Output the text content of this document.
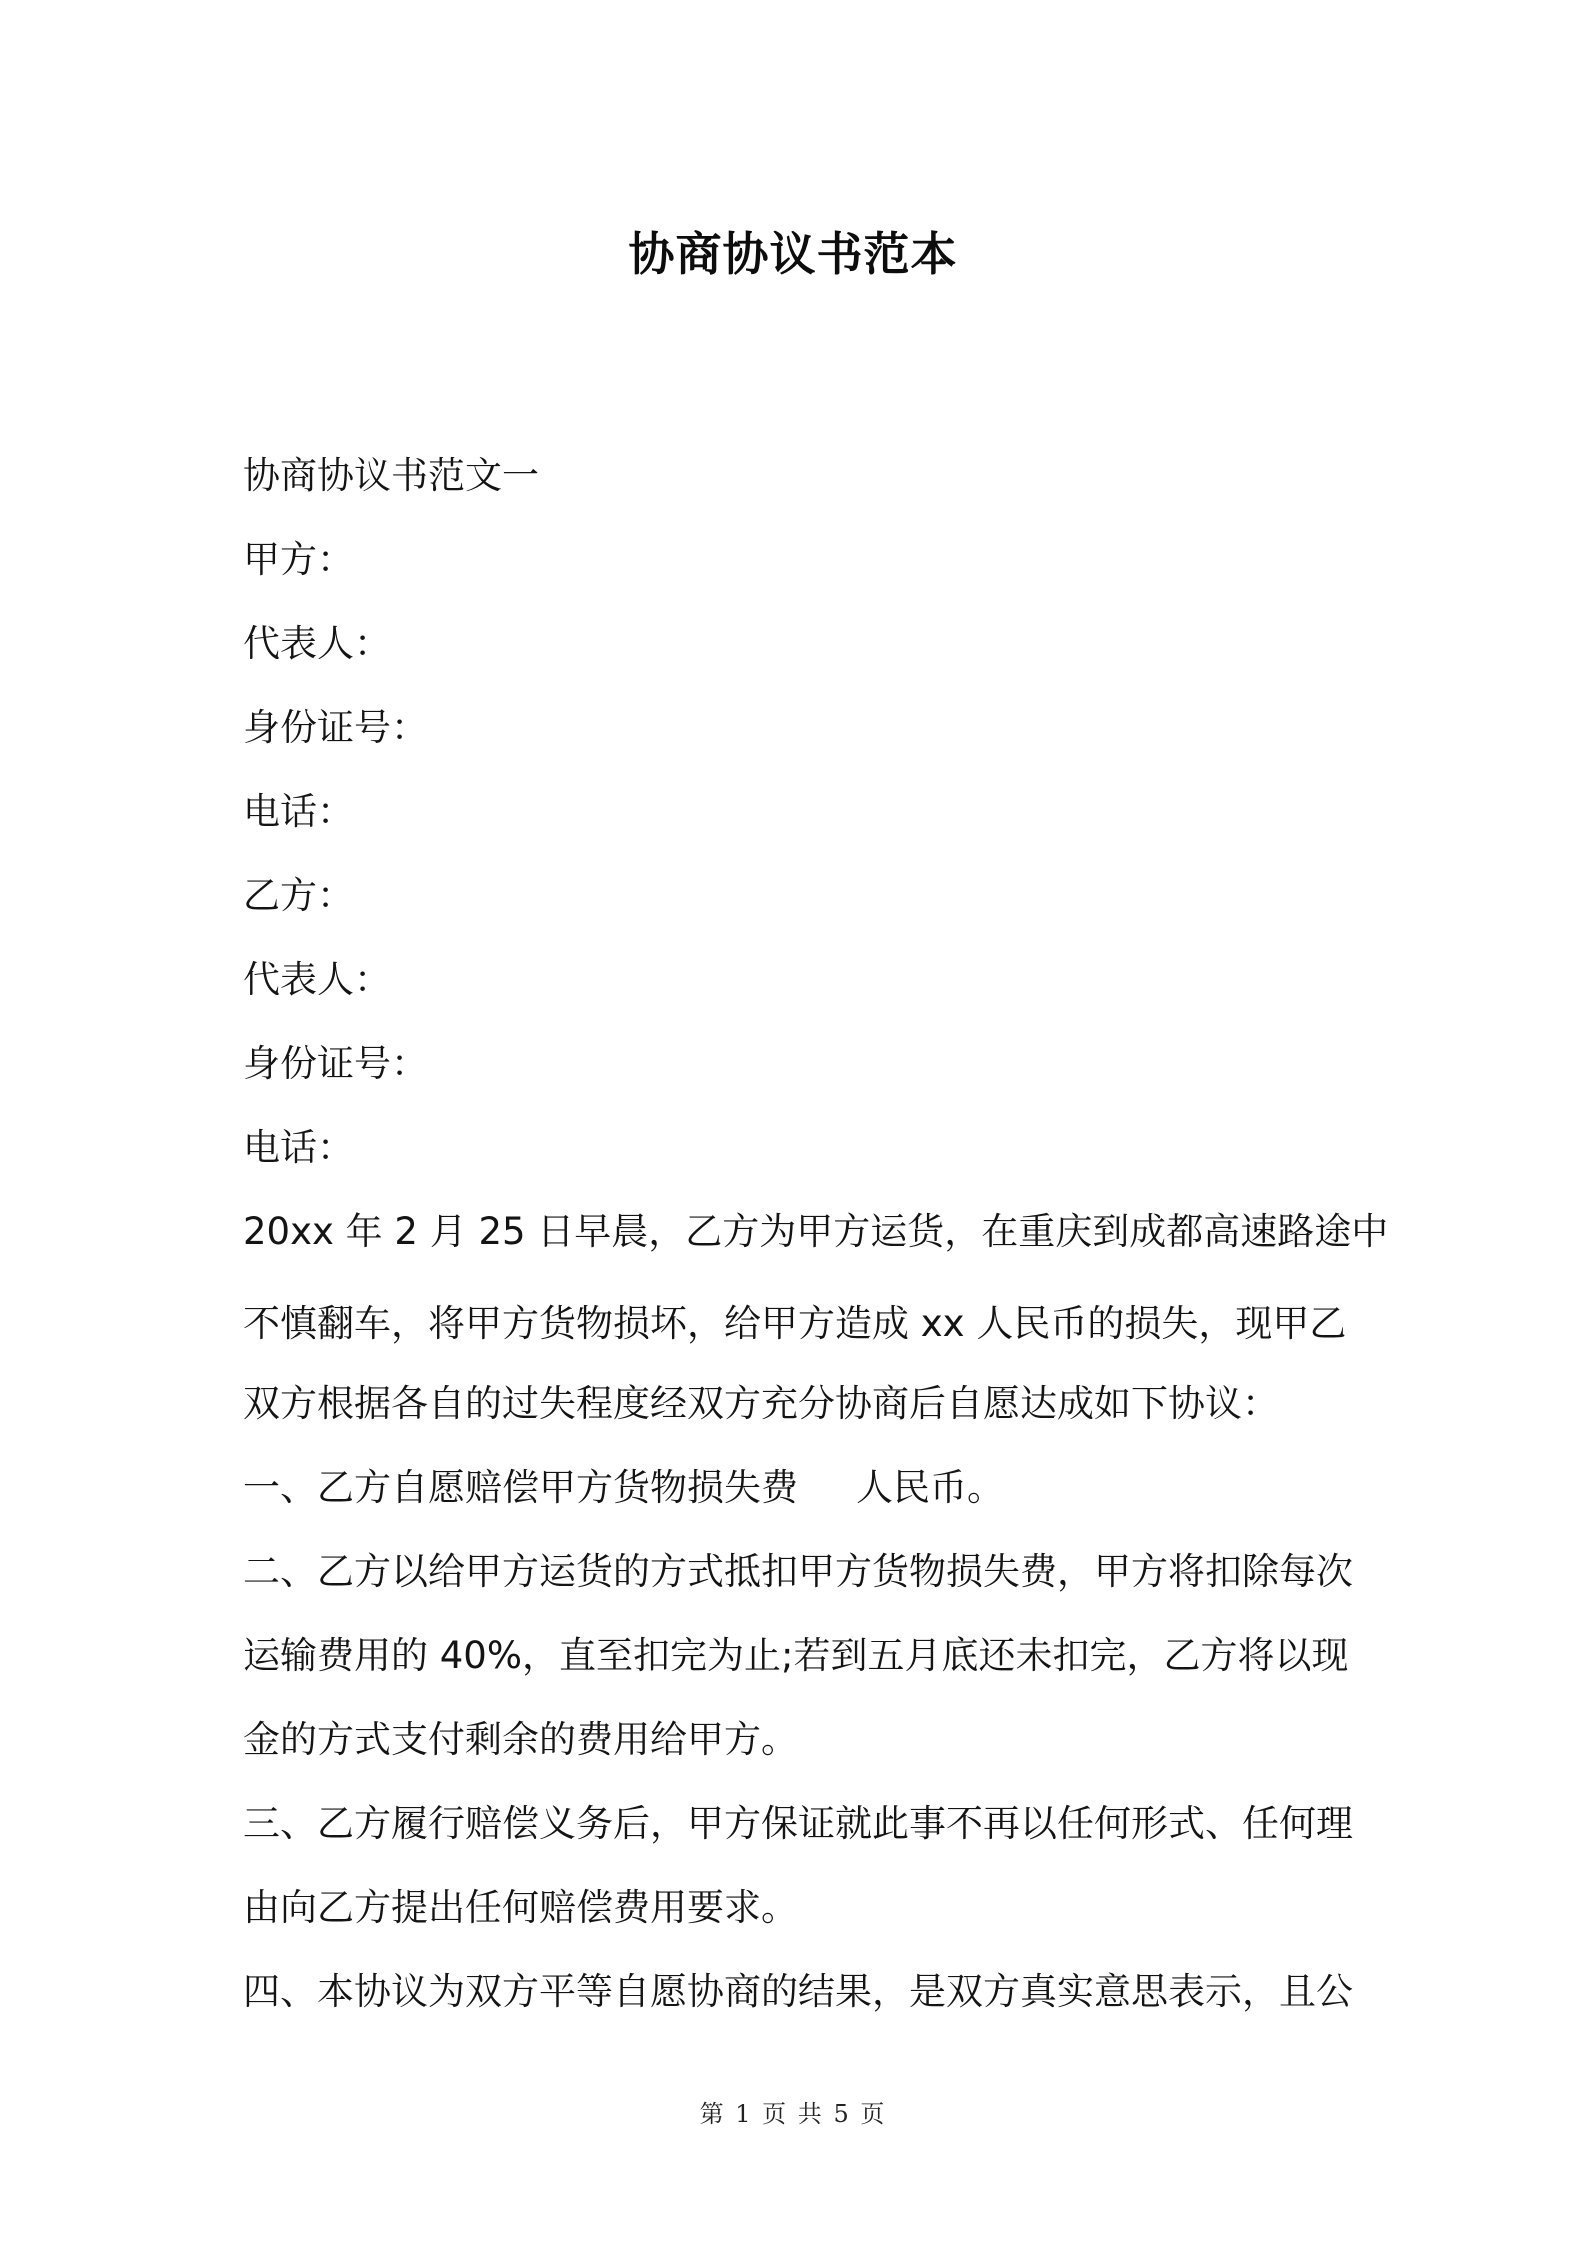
协商协议书范本
协商协议书范文一
甲方：
代表人：
身份证号：
电话：
乙方：
代表人：
身份证号：
电话：
20xx 年 2 月 25 日早晨，乙方为甲方运货，在重庆到成都高速路途中
不慎翻车，将甲方货物损坏，给甲方造成 xx 人民币的损失，现甲乙
双方根据各自的过失程度经双方充分协商后自愿达成如下协议：
一、乙方自愿赔偿甲方货物损失费 人民币。
二、乙方以给甲方运货的方式抵扣甲方货物损失费，甲方将扣除每次
运输费用的 40%，直至扣完为止;若到五月底还未扣完，乙方将以现
金的方式支付剩余的费用给甲方。
三、乙方履行赔偿义务后，甲方保证就此事不再以任何形式、任何理
由向乙方提出任何赔偿费用要求。
四、本协议为双方平等自愿协商的结果，是双方真实意思表示，且公
第 1 页 共 5 页
